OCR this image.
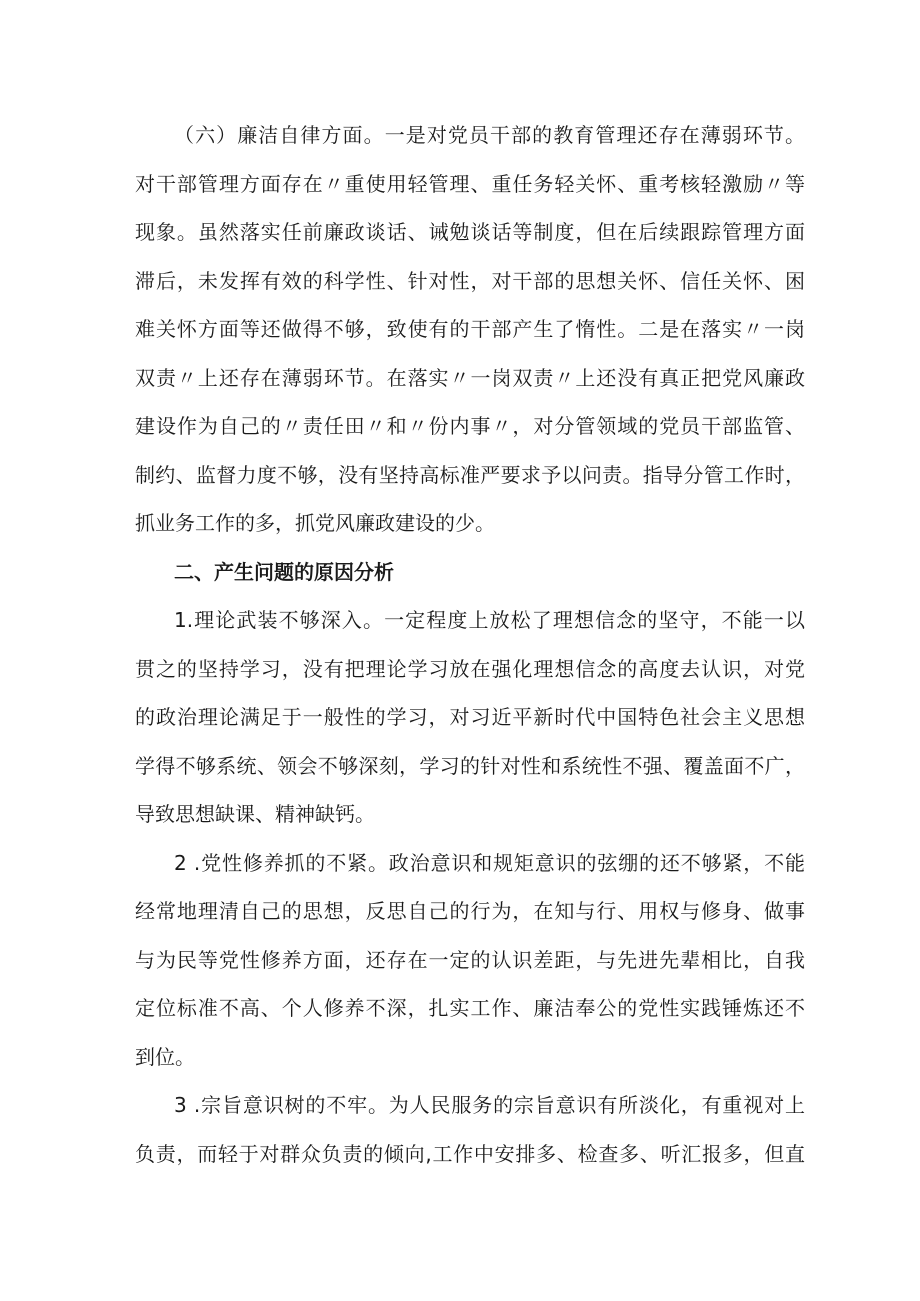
（六）廉洁自律方面。一是对党员干部的教育管理还存在薄弱环节。
对干部管理方面存在〃重使用轻管理、重任务轻关怀、重考核轻激励〃等
现象。虽然落实任前廉政谈话、诫勉谈话等制度，但在后续跟踪管理方面
滞后，未发挥有效的科学性、针对性，对干部的思想关怀、信任关怀、困
难关怀方面等还做得不够，致使有的干部产生了惰性。二是在落实〃一岗
双责〃上还存在薄弱环节。在落实〃一岗双责〃上还没有真正把党风廉政
建设作为自己的〃责任田〃和〃份内事〃，对分管领域的党员干部监管、
制约、监督力度不够，没有坚持高标准严要求予以问责。指导分管工作时，
抓业务工作的多，抓党风廉政建设的少。
二、产生问题的原因分析
1.理论武装不够深入。一定程度上放松了理想信念的坚守，不能一以
贯之的坚持学习，没有把理论学习放在强化理想信念的高度去认识，对党
的政治理论满足于一般性的学习，对习近平新时代中国特色社会主义思想
学得不够系统、领会不够深刻，学习的针对性和系统性不强、覆盖面不广，
导致思想缺课、精神缺钙。
2 .党性修养抓的不紧。政治意识和规矩意识的弦绷的还不够紧，不能
经常地理清自己的思想，反思自己的行为，在知与行、用权与修身、做事
与为民等党性修养方面，还存在一定的认识差距，与先进先辈相比，自我
定位标准不高、个人修养不深，扎实工作、廉洁奉公的党性实践锤炼还不
到位。
3 .宗旨意识树的不牢。为人民服务的宗旨意识有所淡化，有重视对上
负责，而轻于对群众负责的倾向,工作中安排多、检查多、听汇报多，但直
